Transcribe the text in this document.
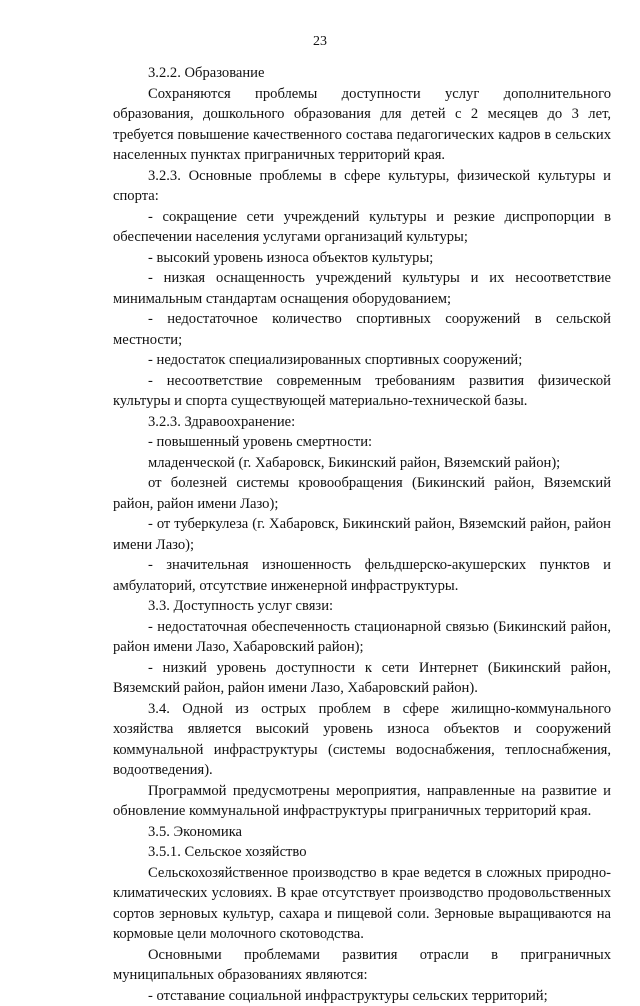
23

3.2.2. Образование

Сохраняются проблемы доступности услуг дополнительного образования, дошкольного образования для детей с 2 месяцев до 3 лет, требуется повышение качественного состава педагогических кадров в сельских населенных пунктах приграничных территорий края.

3.2.3. Основные проблемы в сфере культуры, физической культуры и спорта:

- сокращение сети учреждений культуры и резкие диспропорции в обеспечении населения услугами организаций культуры;

- высокий уровень износа объектов культуры;

- низкая оснащенность учреждений культуры и их несоответствие минимальным стандартам оснащения оборудованием;

- недостаточное количество спортивных сооружений в сельской местности;

- недостаток специализированных спортивных сооружений;

- несоответствие современным требованиям развития физической культуры и спорта существующей материально-технической базы.

3.2.3. Здравоохранение:

- повышенный уровень смертности:

младенческой (г. Хабаровск, Бикинский район, Вяземский район);

от болезней системы кровообращения (Бикинский район, Вяземский район, район имени Лазо);

- от туберкулеза (г. Хабаровск, Бикинский район, Вяземский район, район имени Лазо);

- значительная изношенность фельдшерско-акушерских пунктов и амбулаторий, отсутствие инженерной инфраструктуры.

3.3. Доступность услуг связи:

- недостаточная обеспеченность стационарной связью (Бикинский район, район имени Лазо, Хабаровский район);

- низкий уровень доступности к сети Интернет (Бикинский район, Вяземский район, район имени Лазо, Хабаровский район).

3.4. Одной из острых проблем в сфере жилищно-коммунального хозяйства является высокий уровень износа объектов и сооружений коммунальной инфраструктуры (системы водоснабжения, теплоснабжения, водоотведения).

Программой предусмотрены мероприятия, направленные на развитие и обновление коммунальной инфраструктуры приграничных территорий края.

3.5. Экономика

3.5.1. Сельское хозяйство

Сельскохозяйственное производство в крае ведется в сложных природно-климатических условиях. В крае отсутствует производство продовольственных сортов зерновых культур, сахара и пищевой соли. Зерновые выращиваются на кормовые цели молочного скотоводства.

Основными проблемами развития отрасли в приграничных муниципальных образованиях являются:

- отставание социальной инфраструктуры сельских территорий;
